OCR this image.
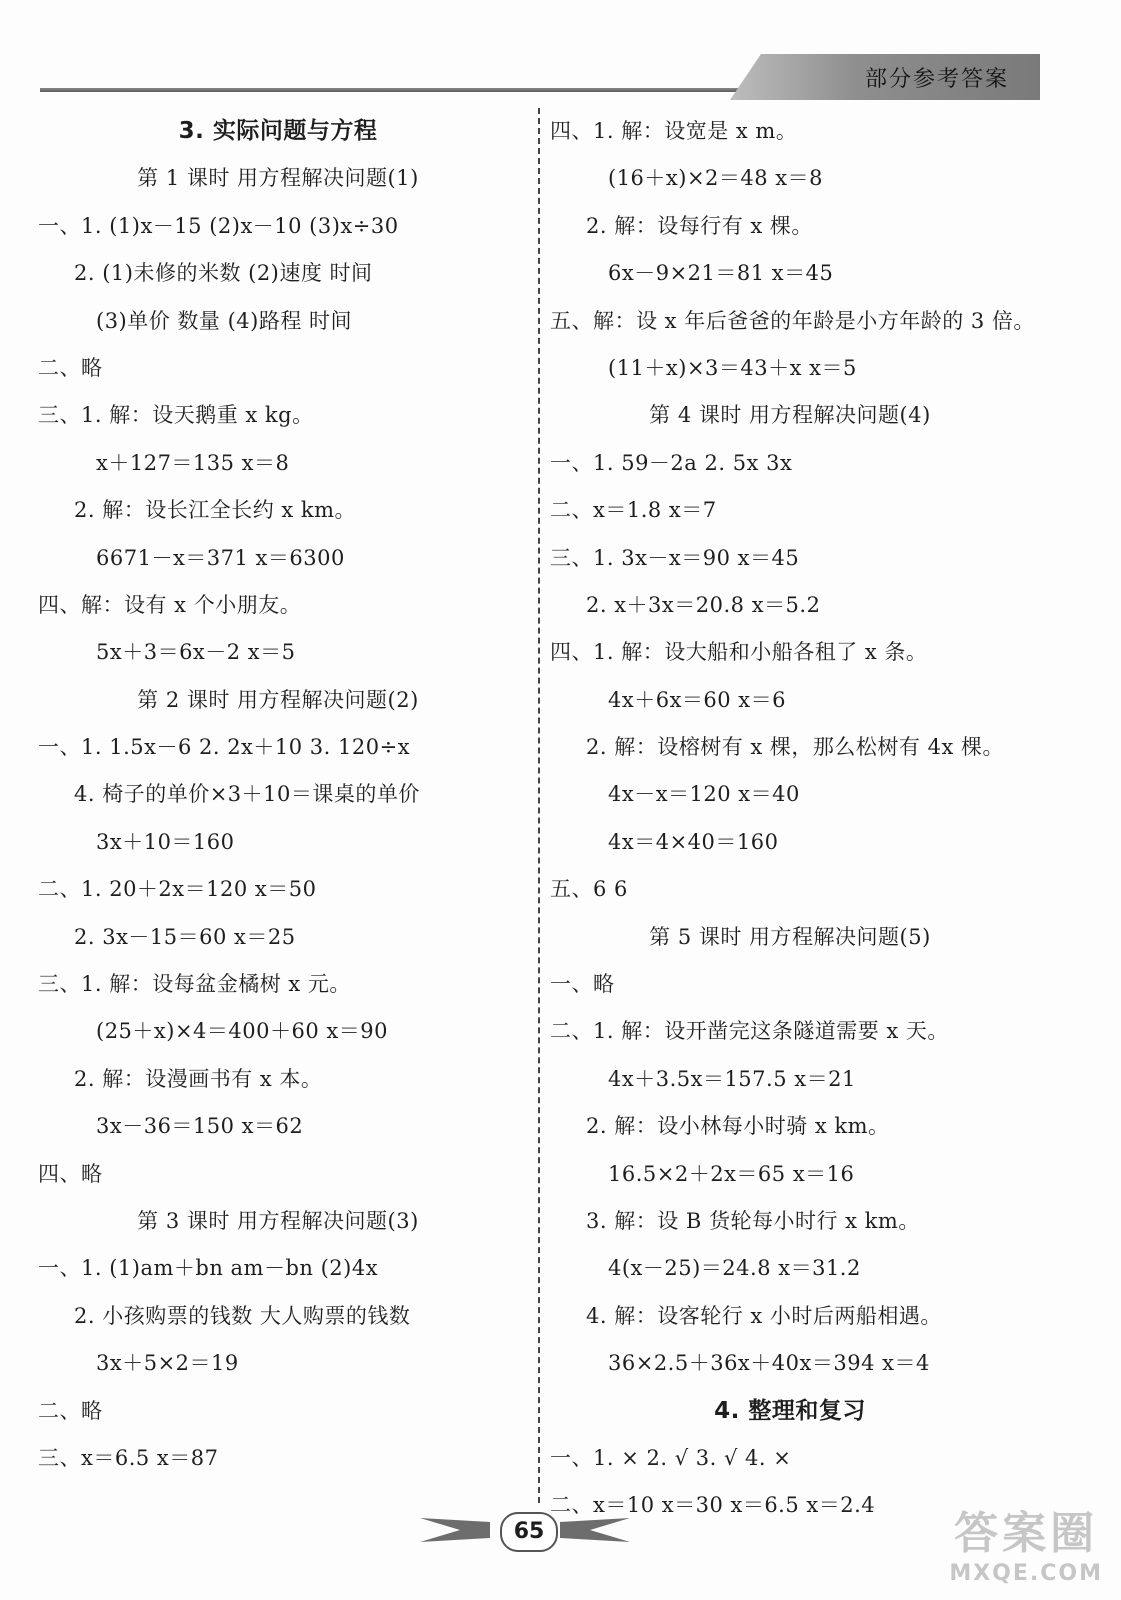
部分参考答案
3. 实际问题与方程
第 1 课时 用方程解决问题(1)
一、1. (1)x－15 (2)x－10 (3)x÷30
2. (1)未修的米数 (2)速度 时间
(3)单价 数量 (4)路程 时间
二、略
三、1. 解：设天鹅重 x kg。
x＋127＝135 x＝8
2. 解：设长江全长约 x km。
6671－x＝371 x＝6300
四、解：设有 x 个小朋友。
5x＋3＝6x－2 x＝5
第 2 课时 用方程解决问题(2)
一、1. 1.5x－6 2. 2x＋10 3. 120÷x
4. 椅子的单价×3＋10＝课桌的单价
3x＋10＝160
二、1. 20＋2x＝120 x＝50
2. 3x－15＝60 x＝25
三、1. 解：设每盆金橘树 x 元。
(25＋x)×4＝400＋60 x＝90
2. 解：设漫画书有 x 本。
3x－36＝150 x＝62
四、略
第 3 课时 用方程解决问题(3)
一、1. (1)am＋bn am－bn (2)4x
2. 小孩购票的钱数 大人购票的钱数
3x＋5×2＝19
二、略
三、x＝6.5 x＝87
四、1. 解：设宽是 x m。
(16＋x)×2＝48 x＝8
2. 解：设每行有 x 棵。
6x－9×21＝81 x＝45
五、解：设 x 年后爸爸的年龄是小方年龄的 3 倍。
(11＋x)×3＝43＋x x＝5
第 4 课时 用方程解决问题(4)
一、1. 59－2a 2. 5x 3x
二、x＝1.8 x＝7
三、1. 3x－x＝90 x＝45
2. x＋3x＝20.8 x＝5.2
四、1. 解：设大船和小船各租了 x 条。
4x＋6x＝60 x＝6
2. 解：设榕树有 x 棵，那么松树有 4x 棵。
4x－x＝120 x＝40
4x＝4×40＝160
五、6 6
第 5 课时 用方程解决问题(5)
一、略
二、1. 解：设开凿完这条隧道需要 x 天。
4x＋3.5x＝157.5 x＝21
2. 解：设小林每小时骑 x km。
16.5×2＋2x＝65 x＝16
3. 解：设 B 货轮每小时行 x km。
4(x－25)＝24.8 x＝31.2
4. 解：设客轮行 x 小时后两船相遇。
36×2.5＋36x＋40x＝394 x＝4
4. 整理和复习
一、1. × 2. √ 3. √ 4. ×
二、x＝10 x＝30 x＝6.5 x＝2.4
65	答案圈
MXQE.COM
